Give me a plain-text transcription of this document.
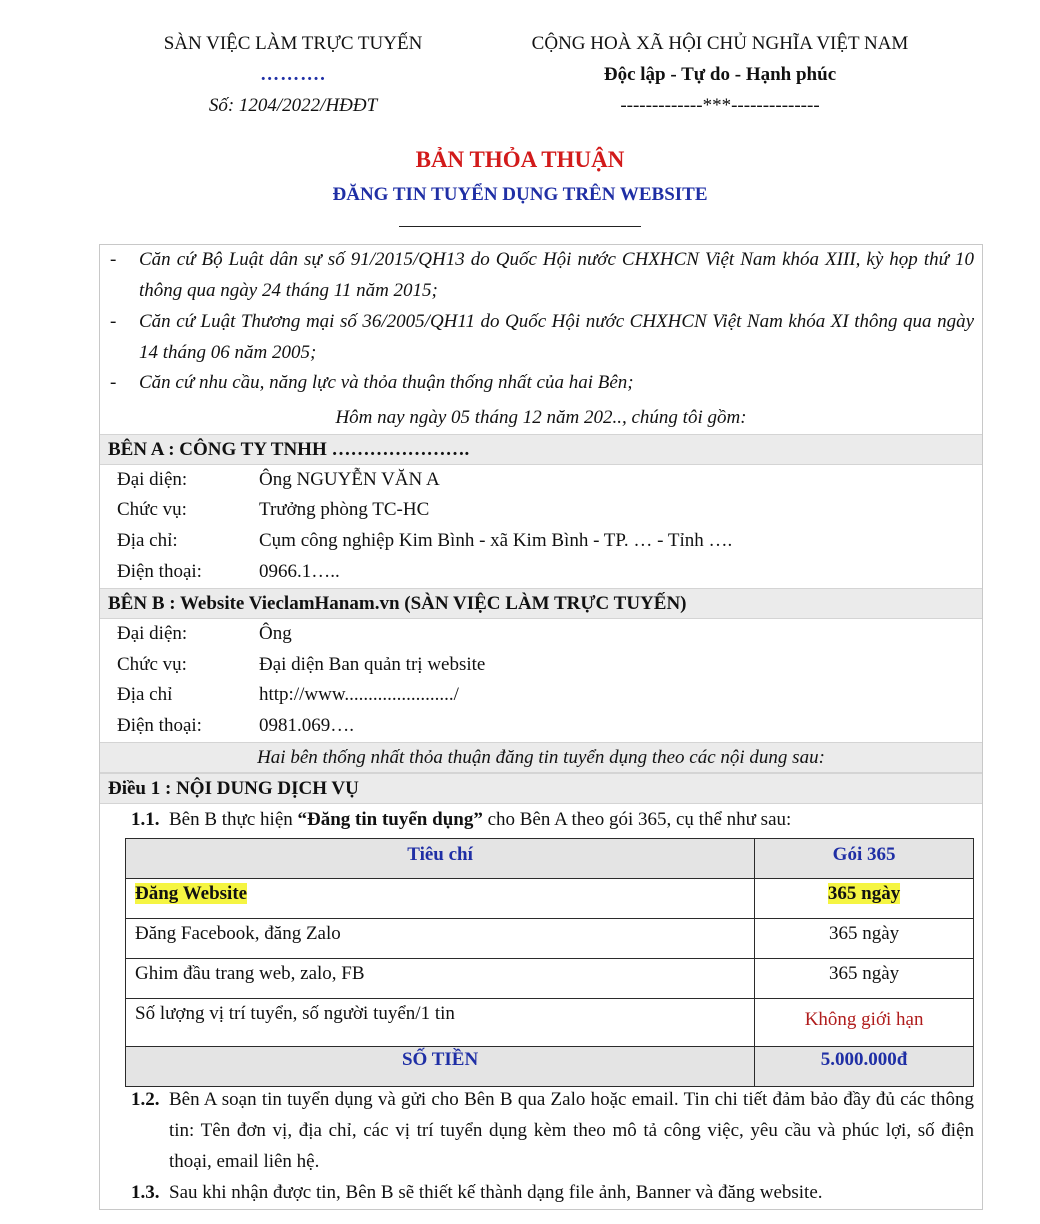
SÀN VIỆC LÀM TRỰC TUYẾN
……….
Số: 1204/2022/HĐĐT
CỘNG HOÀ XÃ HỘI CHỦ NGHĨA VIỆT NAM
Độc lập - Tự do - Hạnh phúc
-------------***--------------
BẢN THỎA THUẬN
ĐĂNG TIN TUYỂN DỤNG TRÊN WEBSITE
- Căn cứ Bộ Luật dân sự số 91/2015/QH13 do Quốc Hội nước CHXHCN Việt Nam khóa XIII, kỳ họp thứ 10 thông qua ngày 24 tháng 11 năm 2015;
- Căn cứ Luật Thương mại số 36/2005/QH11 do Quốc Hội nước CHXHCN Việt Nam khóa XI thông qua ngày 14 tháng 06 năm 2005;
- Căn cứ nhu cầu, năng lực và thỏa thuận thống nhất của hai Bên;
Hôm nay ngày 05 tháng 12 năm 202.., chúng tôi gồm:
BÊN A : CÔNG TY TNHH ………………….
Đại diện:	Ông NGUYỄN VĂN A
Chức vụ:	Trưởng phòng TC-HC
Địa chỉ:	Cụm công nghiệp Kim Bình - xã Kim Bình - TP. … - Tỉnh ….
Điện thoại:	0966.1…..
BÊN B : Website VieclamHanam.vn (SÀN VIỆC LÀM TRỰC TUYẾN)
Đại diện:	Ông
Chức vụ:	Đại diện Ban quản trị website
Địa chỉ	http://www......................./
Điện thoại:	0981.069….
Hai bên thống nhất thỏa thuận đăng tin tuyển dụng theo các nội dung sau:
Điều 1 : NỘI DUNG DỊCH VỤ
1.1. Bên B thực hiện “Đăng tin tuyển dụng” cho Bên A theo gói 365, cụ thể như sau:
Tiêu chí	Gói 365
Đăng Website	365 ngày
Đăng Facebook, đăng Zalo	365 ngày
Ghim đầu trang web, zalo, FB	365 ngày
Số lượng vị trí tuyển, số người tuyển/1 tin	Không giới hạn
SỐ TIỀN	5.000.000đ
1.2. Bên A soạn tin tuyển dụng và gửi cho Bên B qua Zalo hoặc email. Tin chi tiết đảm bảo đầy đủ các thông tin: Tên đơn vị, địa chỉ, các vị trí tuyển dụng kèm theo mô tả công việc, yêu cầu và phúc lợi, số điện thoại, email liên hệ.
1.3. Sau khi nhận được tin, Bên B sẽ thiết kế thành dạng file ảnh, Banner và đăng website.
